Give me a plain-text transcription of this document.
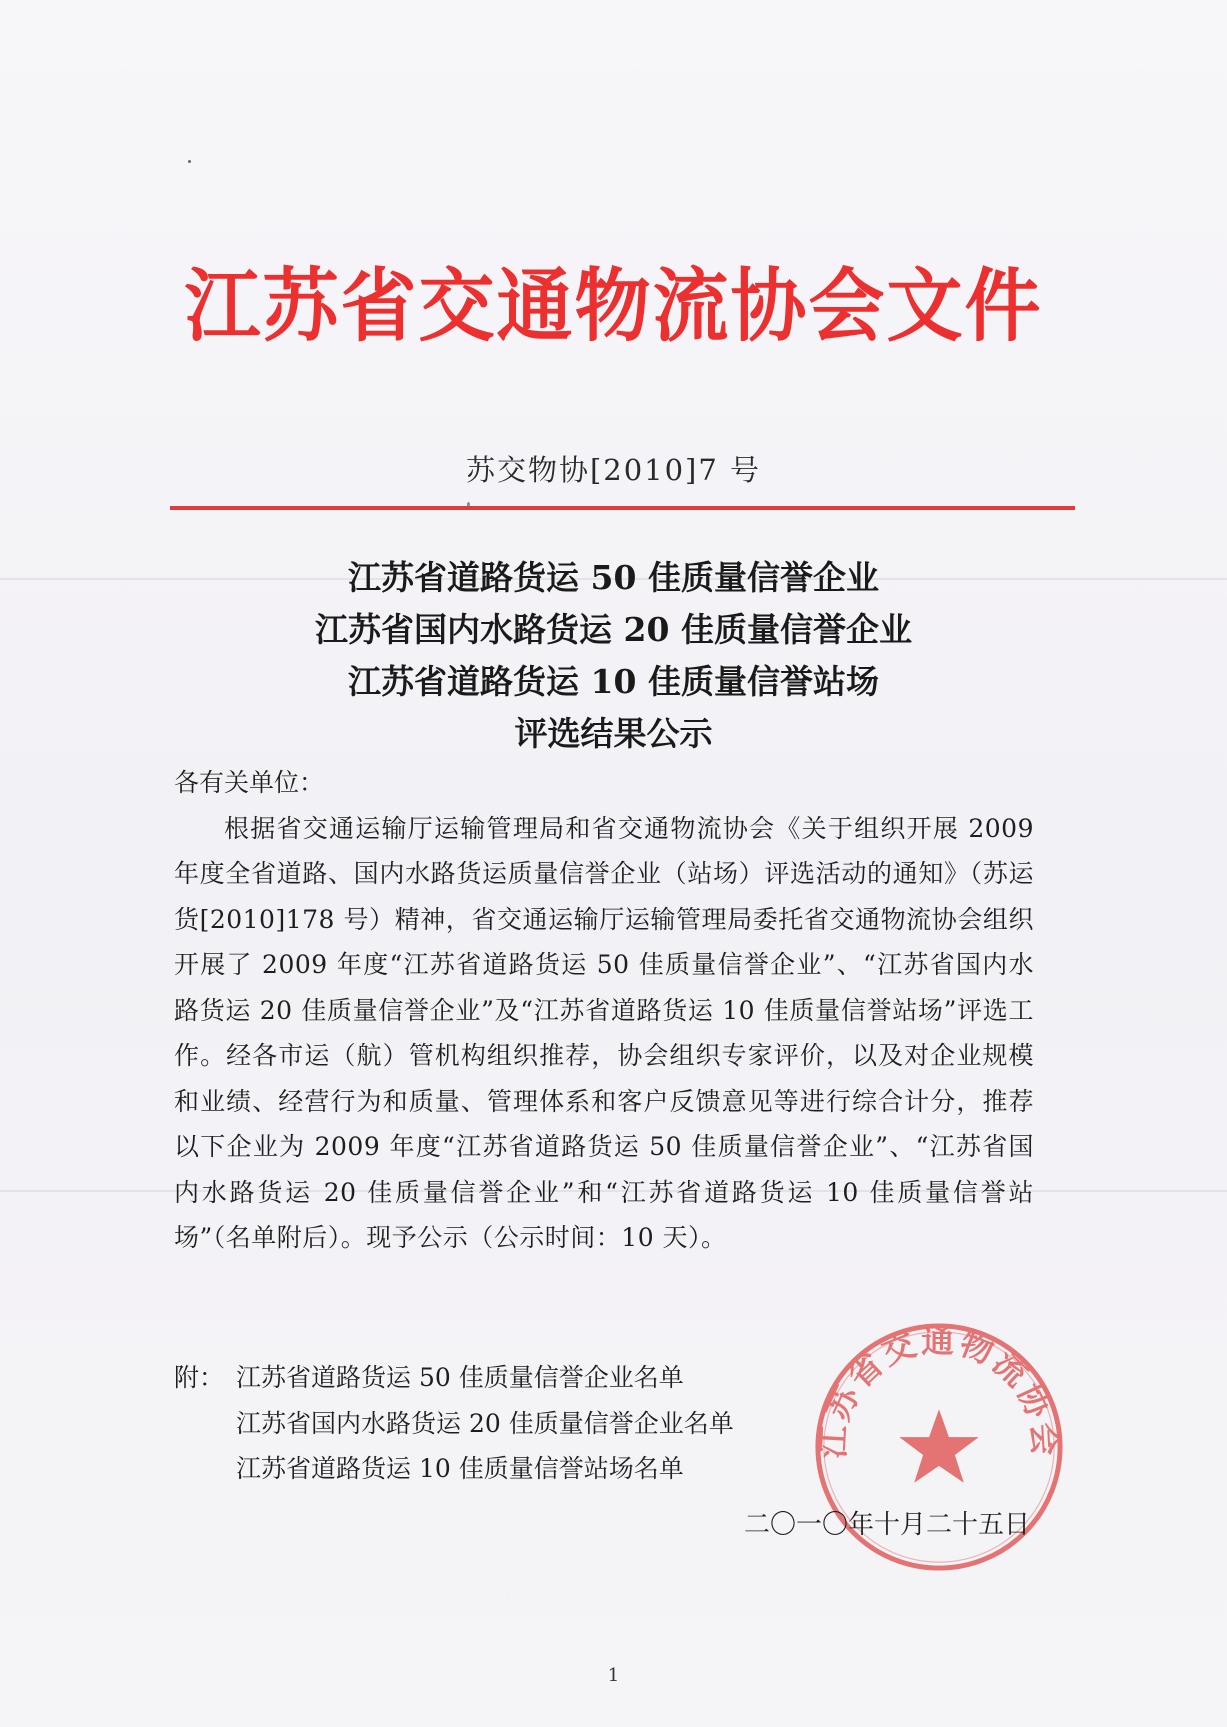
江苏省交通物流协会文件
苏交物协[2010]7 号
江苏省道路货运 50 佳质量信誉企业
江苏省国内水路货运 20 佳质量信誉企业
江苏省道路货运 10 佳质量信誉站场
评选结果公示
各有关单位：
根据省交通运输厅运输管理局和省交通物流协会《关于组织开展 2009 年度全省道路、国内水路货运质量信誉企业（站场）评选活动的通知》（苏运货[2010]178 号）精神，省交通运输厅运输管理局委托省交通物流协会组织开展了 2009 年度“江苏省道路货运 50 佳质量信誉企业”、“江苏省国内水路货运 20 佳质量信誉企业”及“江苏省道路货运 10 佳质量信誉站场”评选工作。经各市运（航）管机构组织推荐，协会组织专家评价，以及对企业规模和业绩、经营行为和质量、管理体系和客户反馈意见等进行综合计分，推荐以下企业为 2009 年度“江苏省道路货运 50 佳质量信誉企业”、“江苏省国内水路货运 20 佳质量信誉企业”和“江苏省道路货运 10 佳质量信誉站场”（名单附后）。现予公示（公示时间：10 天）。
附： 江苏省道路货运 50 佳质量信誉企业名单
江苏省国内水路货运 20 佳质量信誉企业名单
江苏省道路货运 10 佳质量信誉站场名单
江苏省交通物流协会
二〇一〇年十月二十五日
1
